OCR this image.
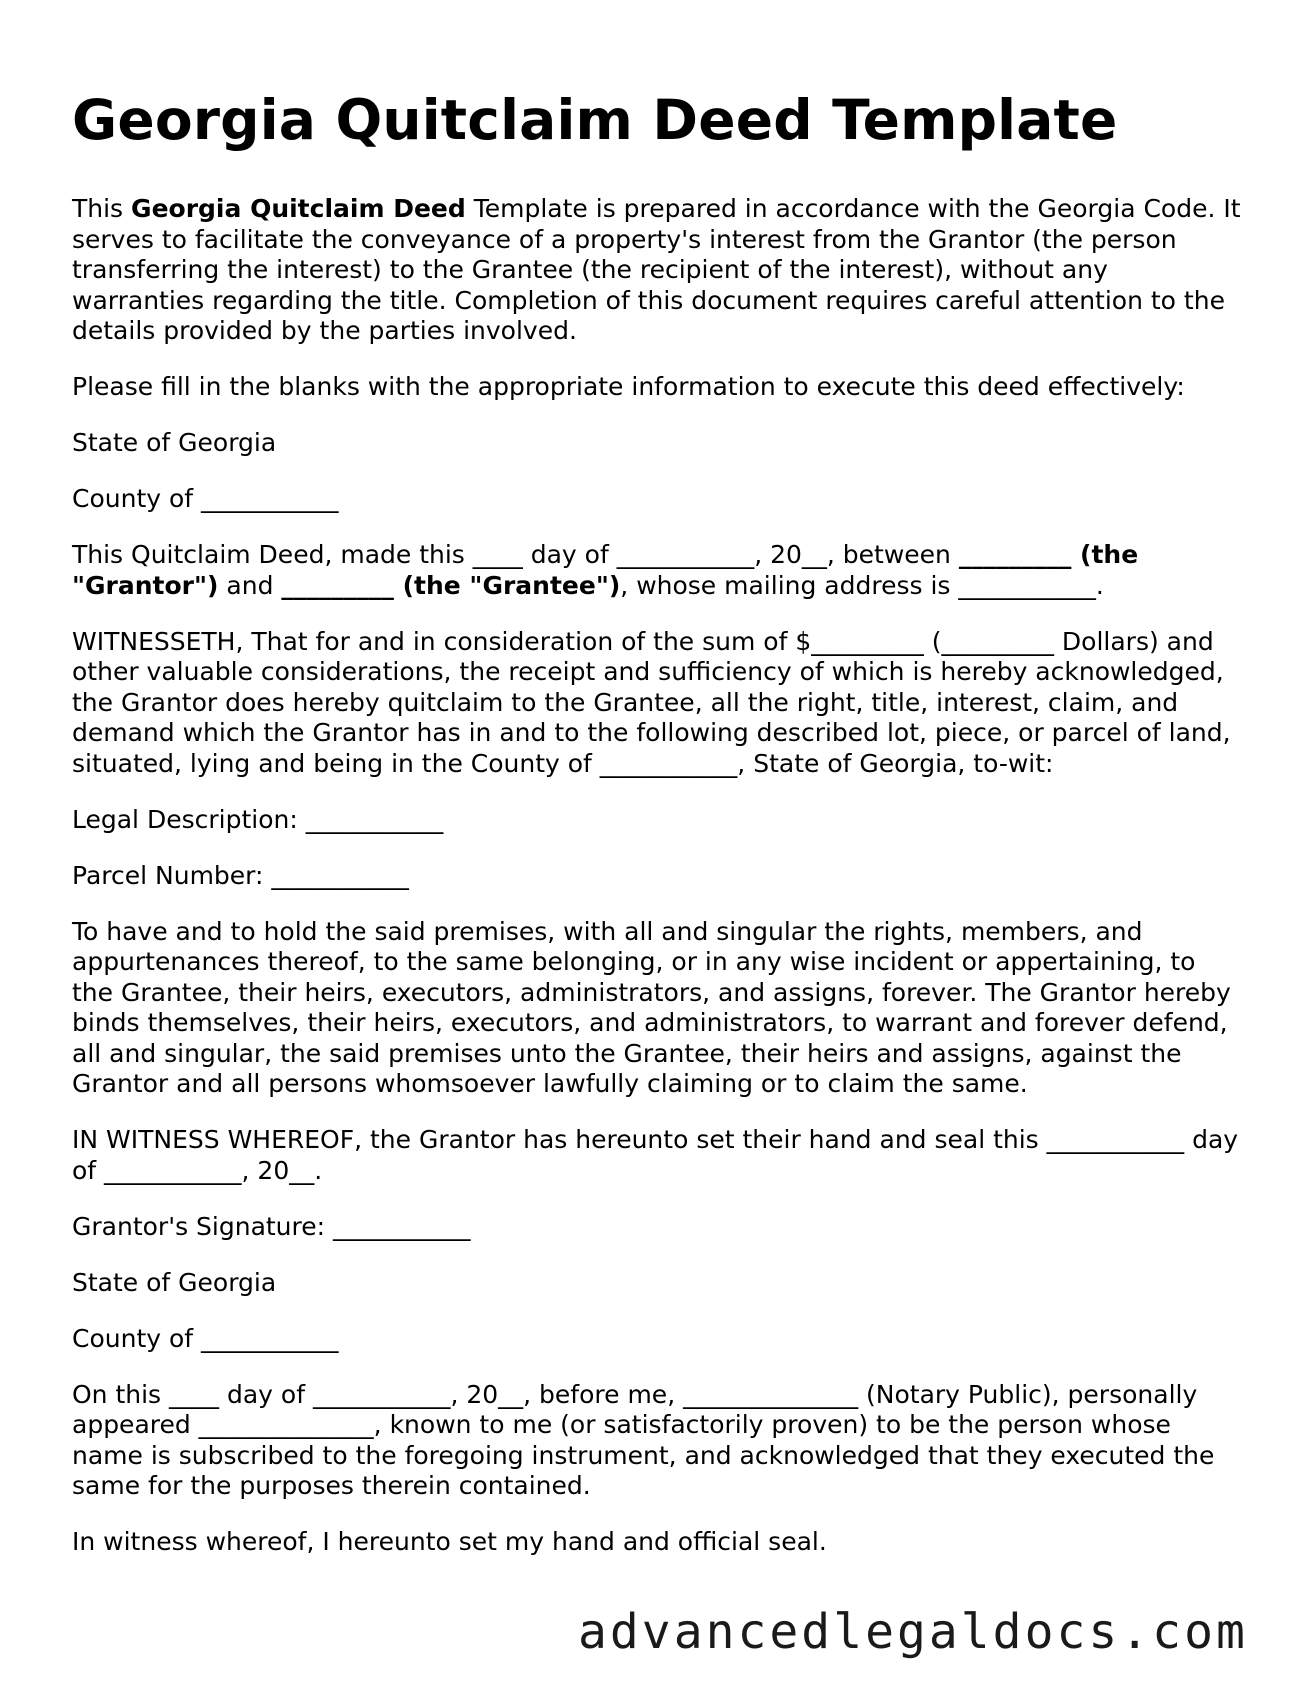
Georgia Quitclaim Deed Template

This Georgia Quitclaim Deed Template is prepared in accordance with the Georgia Code. It serves to facilitate the conveyance of a property's interest from the Grantor (the person transferring the interest) to the Grantee (the recipient of the interest), without any warranties regarding the title. Completion of this document requires careful attention to the details provided by the parties involved.

Please fill in the blanks with the appropriate information to execute this deed effectively:

State of Georgia

County of ___________

This Quitclaim Deed, made this ____ day of ___________, 20__, between _________ (the "Grantor") and _________ (the "Grantee"), whose mailing address is ___________.

WITNESSETH, That for and in consideration of the sum of $_________ (_________ Dollars) and other valuable considerations, the receipt and sufficiency of which is hereby acknowledged, the Grantor does hereby quitclaim to the Grantee, all the right, title, interest, claim, and demand which the Grantor has in and to the following described lot, piece, or parcel of land, situated, lying and being in the County of ___________, State of Georgia, to-wit:

Legal Description: ___________

Parcel Number: ___________

To have and to hold the said premises, with all and singular the rights, members, and appurtenances thereof, to the same belonging, or in any wise incident or appertaining, to the Grantee, their heirs, executors, administrators, and assigns, forever. The Grantor hereby binds themselves, their heirs, executors, and administrators, to warrant and forever defend, all and singular, the said premises unto the Grantee, their heirs and assigns, against the Grantor and all persons whomsoever lawfully claiming or to claim the same.

IN WITNESS WHEREOF, the Grantor has hereunto set their hand and seal this ___________ day of ___________, 20__.

Grantor's Signature: ___________

State of Georgia

County of ___________

On this ____ day of ___________, 20__, before me, ______________ (Notary Public), personally appeared ______________, known to me (or satisfactorily proven) to be the person whose name is subscribed to the foregoing instrument, and acknowledged that they executed the same for the purposes therein contained.

In witness whereof, I hereunto set my hand and official seal.

advancedlegaldocs.com
